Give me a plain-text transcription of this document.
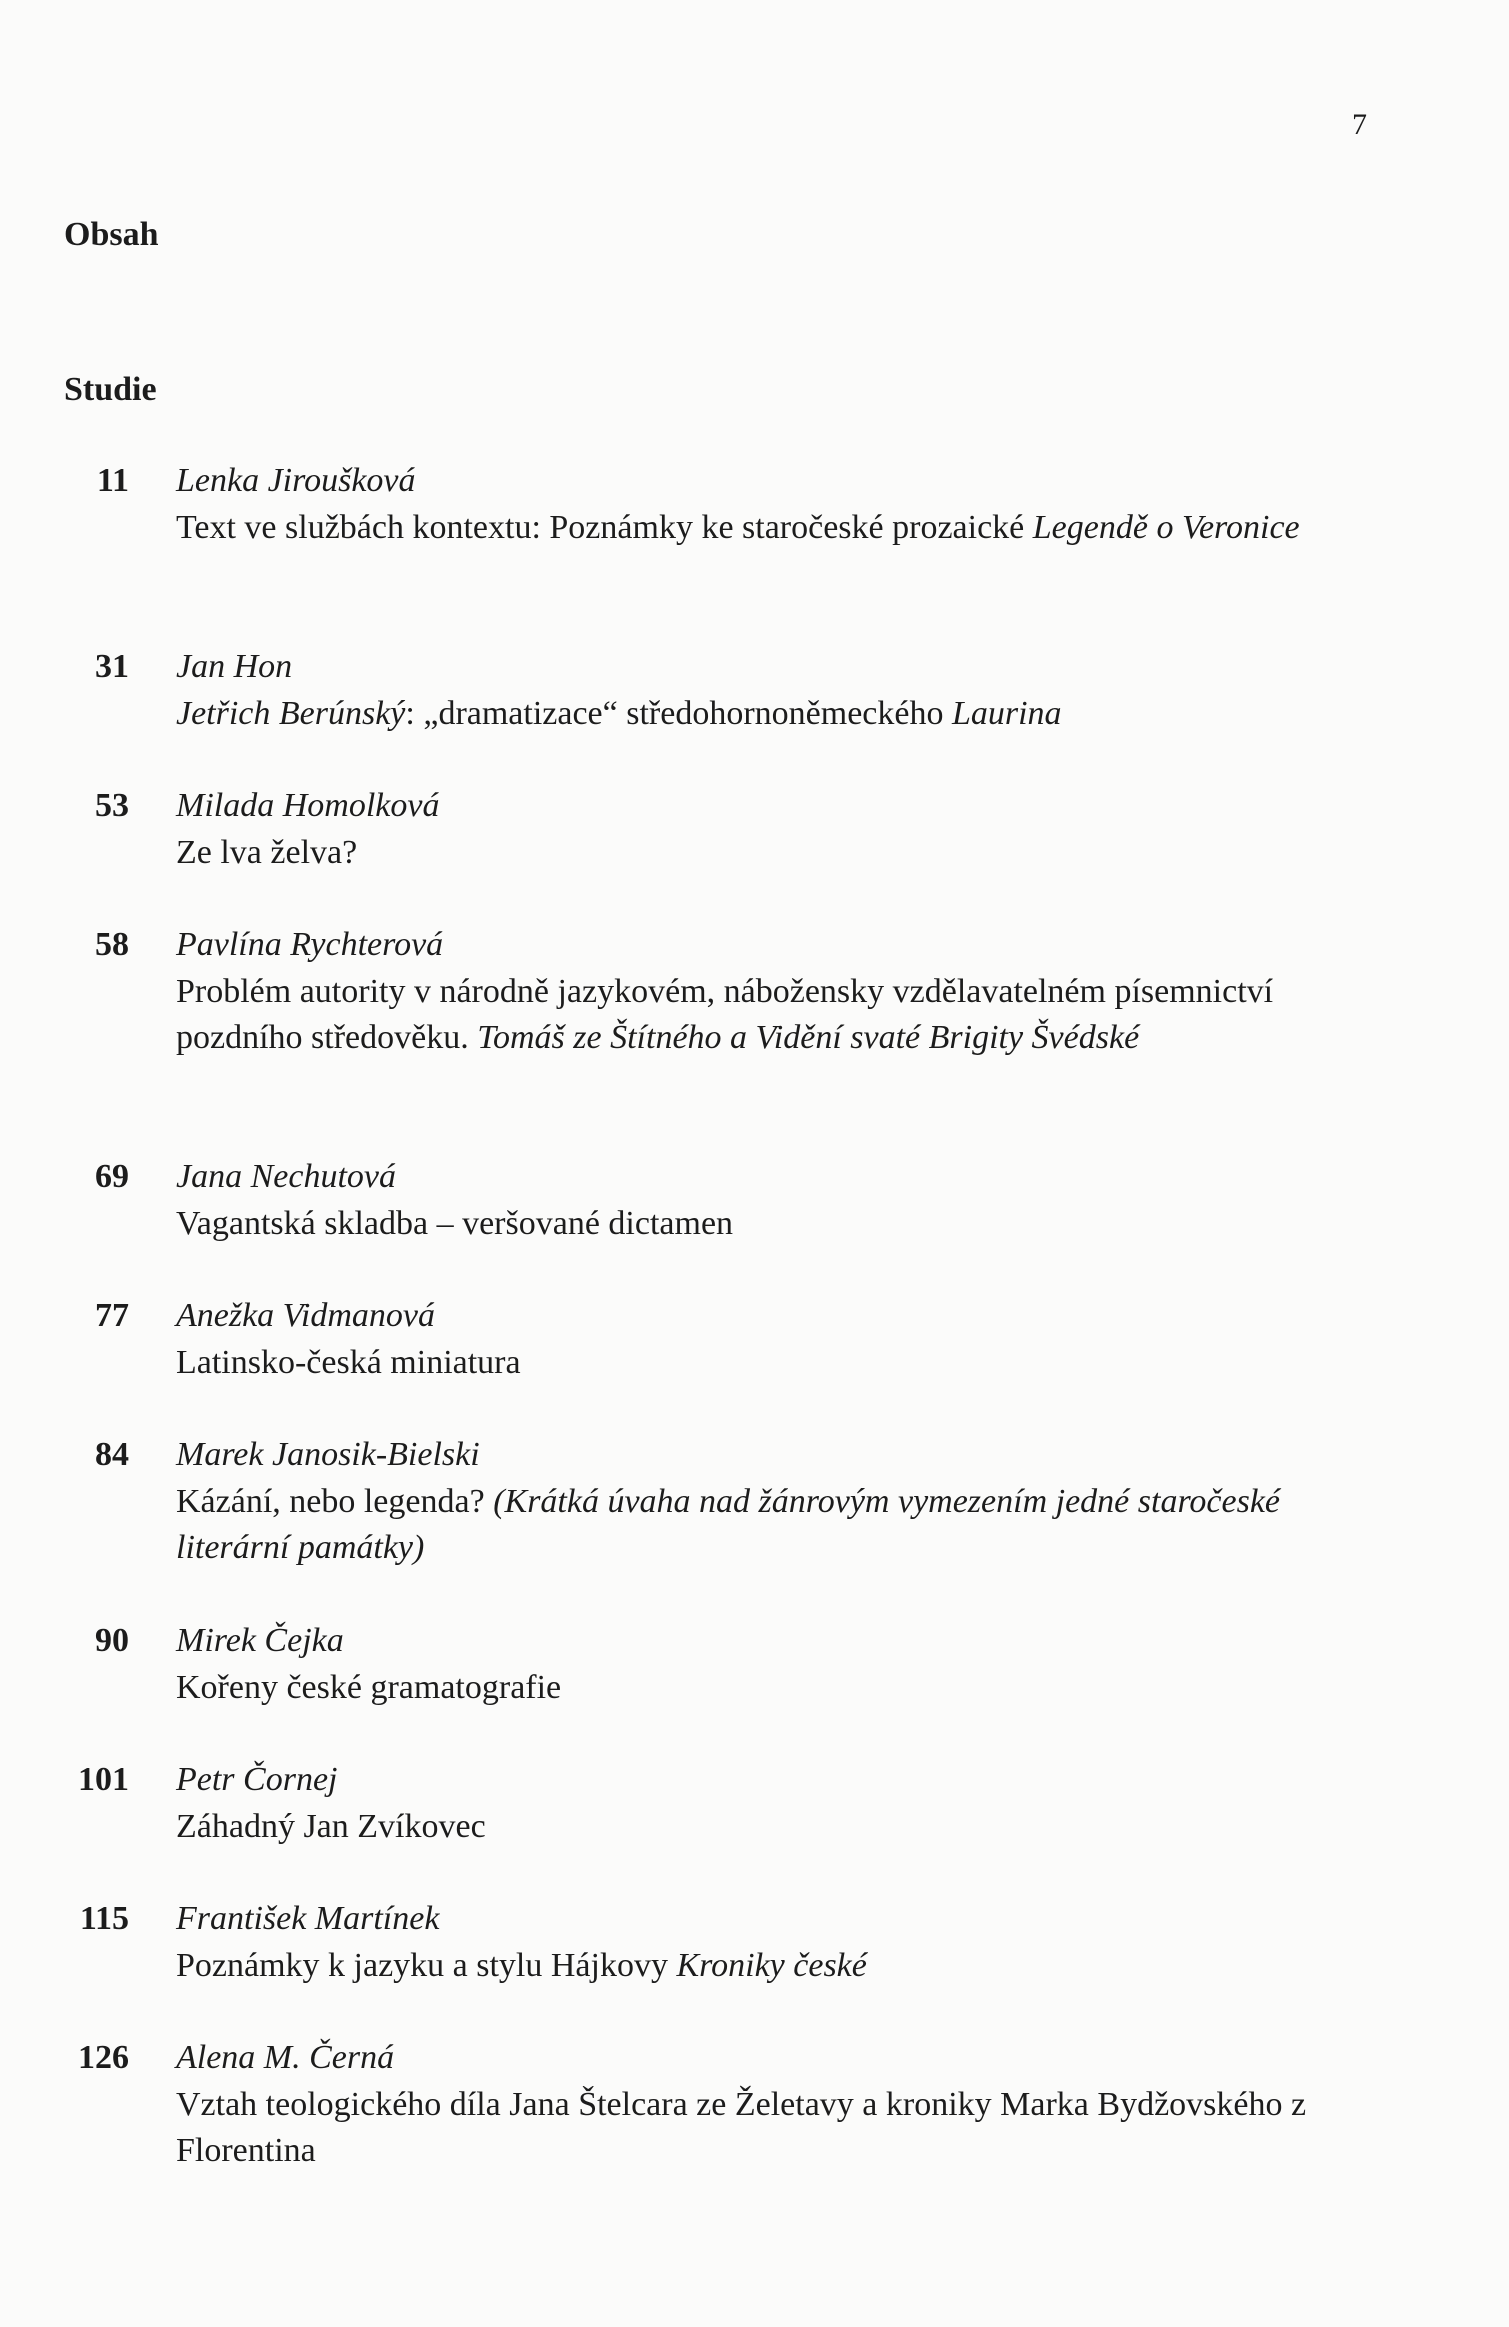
7
Obsah
Studie
11 Lenka Jiroušková
Text ve službách kontextu: Poznámky ke staročeské prozaické Legendě o Veronice
31 Jan Hon
Jetřich Berúnský: „dramatizace“ středohornoněmeckého Laurina
53 Milada Homolková
Ze lva želva?
58 Pavlína Rychterová
Problém autority v národně jazykovém, nábožensky vzdělavatelném písemnictví pozdního středověku. Tomáš ze Štítného a Vidění svaté Brigity Švédské
69 Jana Nechutová
Vagantská skladba – veršované dictamen
77 Anežka Vidmanová
Latinsko-česká miniatura
84 Marek Janosik-Bielski
Kázání, nebo legenda? (Krátká úvaha nad žánrovým vymezením jedné staročeské literární památky)
90 Mirek Čejka
Kořeny české gramatografie
101 Petr Čornej
Záhadný Jan Zvíkovec
115 František Martínek
Poznámky k jazyku a stylu Hájkovy Kroniky české
126 Alena M. Černá
Vztah teologického díla Jana Štelcara ze Želetavy a kroniky Marka Bydžovského z Florentina
